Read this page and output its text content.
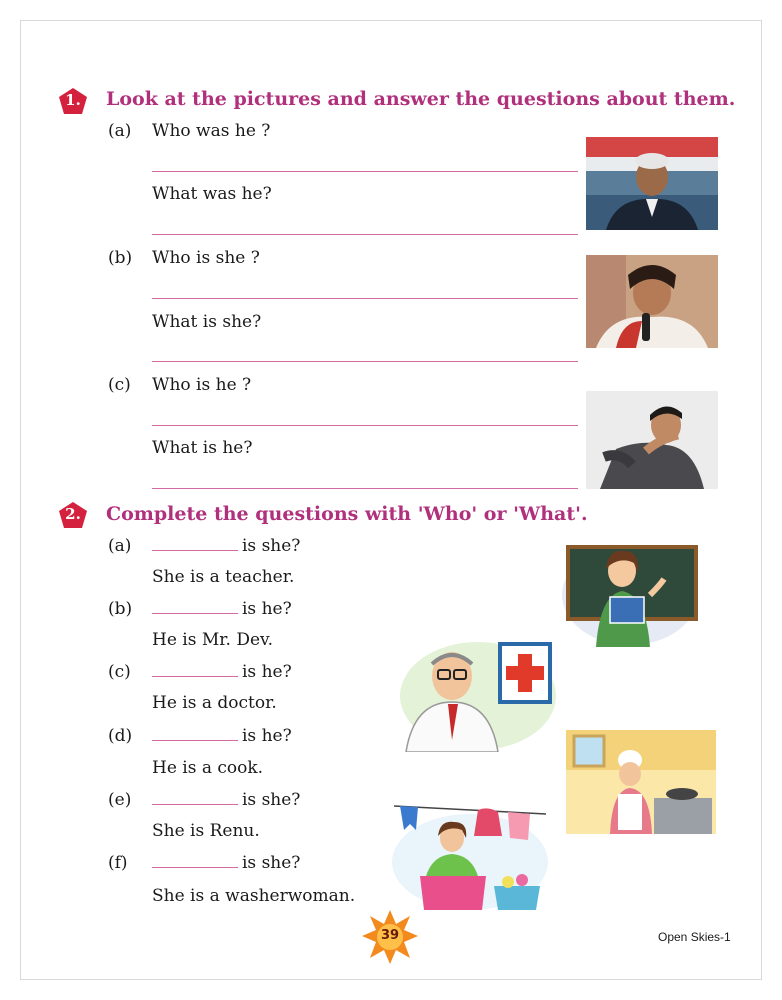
1.	Look at the pictures and answer the questions about them.
(a) Who was he ?
What was he?
(b) Who is she ?
What is she?
(c) Who is he ?
What is he?
2.	Complete the questions with 'Who' or 'What'.
(a)	is she?
She is a teacher.
(b)	is he?
He is Mr. Dev.
(c)	is he?
He is a doctor.
(d)	is he?
He is a cook.
(e)	is she?
She is Renu.
(f)	is she?
She is a washerwoman.
39	Open Skies-1
